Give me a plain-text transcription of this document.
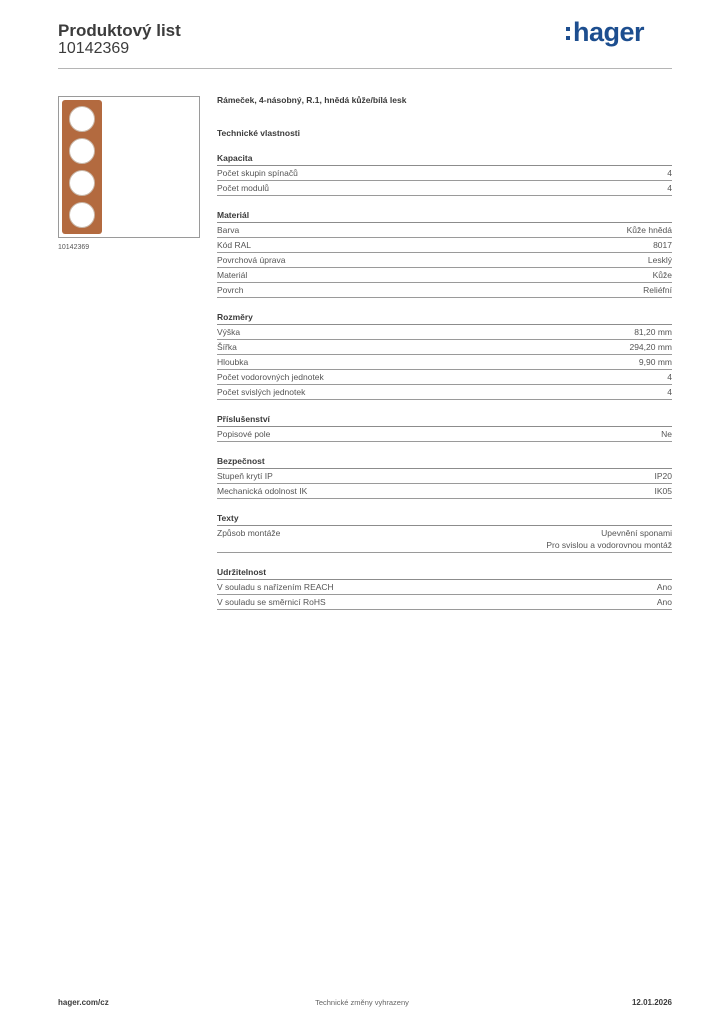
Produktový list
10142369
hager
10142369
Rámeček, 4-násobný, R.1, hnědá kůže/bílá lesk
Technické vlastnosti
Kapacita
Počet skupin spínačů	4
Počet modulů	4
Materiál
Barva	Kůže hnědá
Kód RAL	8017
Povrchová úprava	Lesklý
Materiál	Kůže
Povrch	Reliéfní
Rozměry
Výška	81,20 mm
Šířka	294,20 mm
Hloubka	9,90 mm
Počet vodorovných jednotek	4
Počet svislých jednotek	4
Příslušenství
Popisové pole	Ne
Bezpečnost
Stupeň krytí IP	IP20
Mechanická odolnost IK	IK05
Texty
Způsob montáže	Upevnění sponami
Pro svislou a vodorovnou montáž
Udržitelnost
V souladu s nařízením REACH	Ano
V souladu se směrnicí RoHS	Ano
hager.com/cz	Technické změny vyhrazeny	12.01.2026
